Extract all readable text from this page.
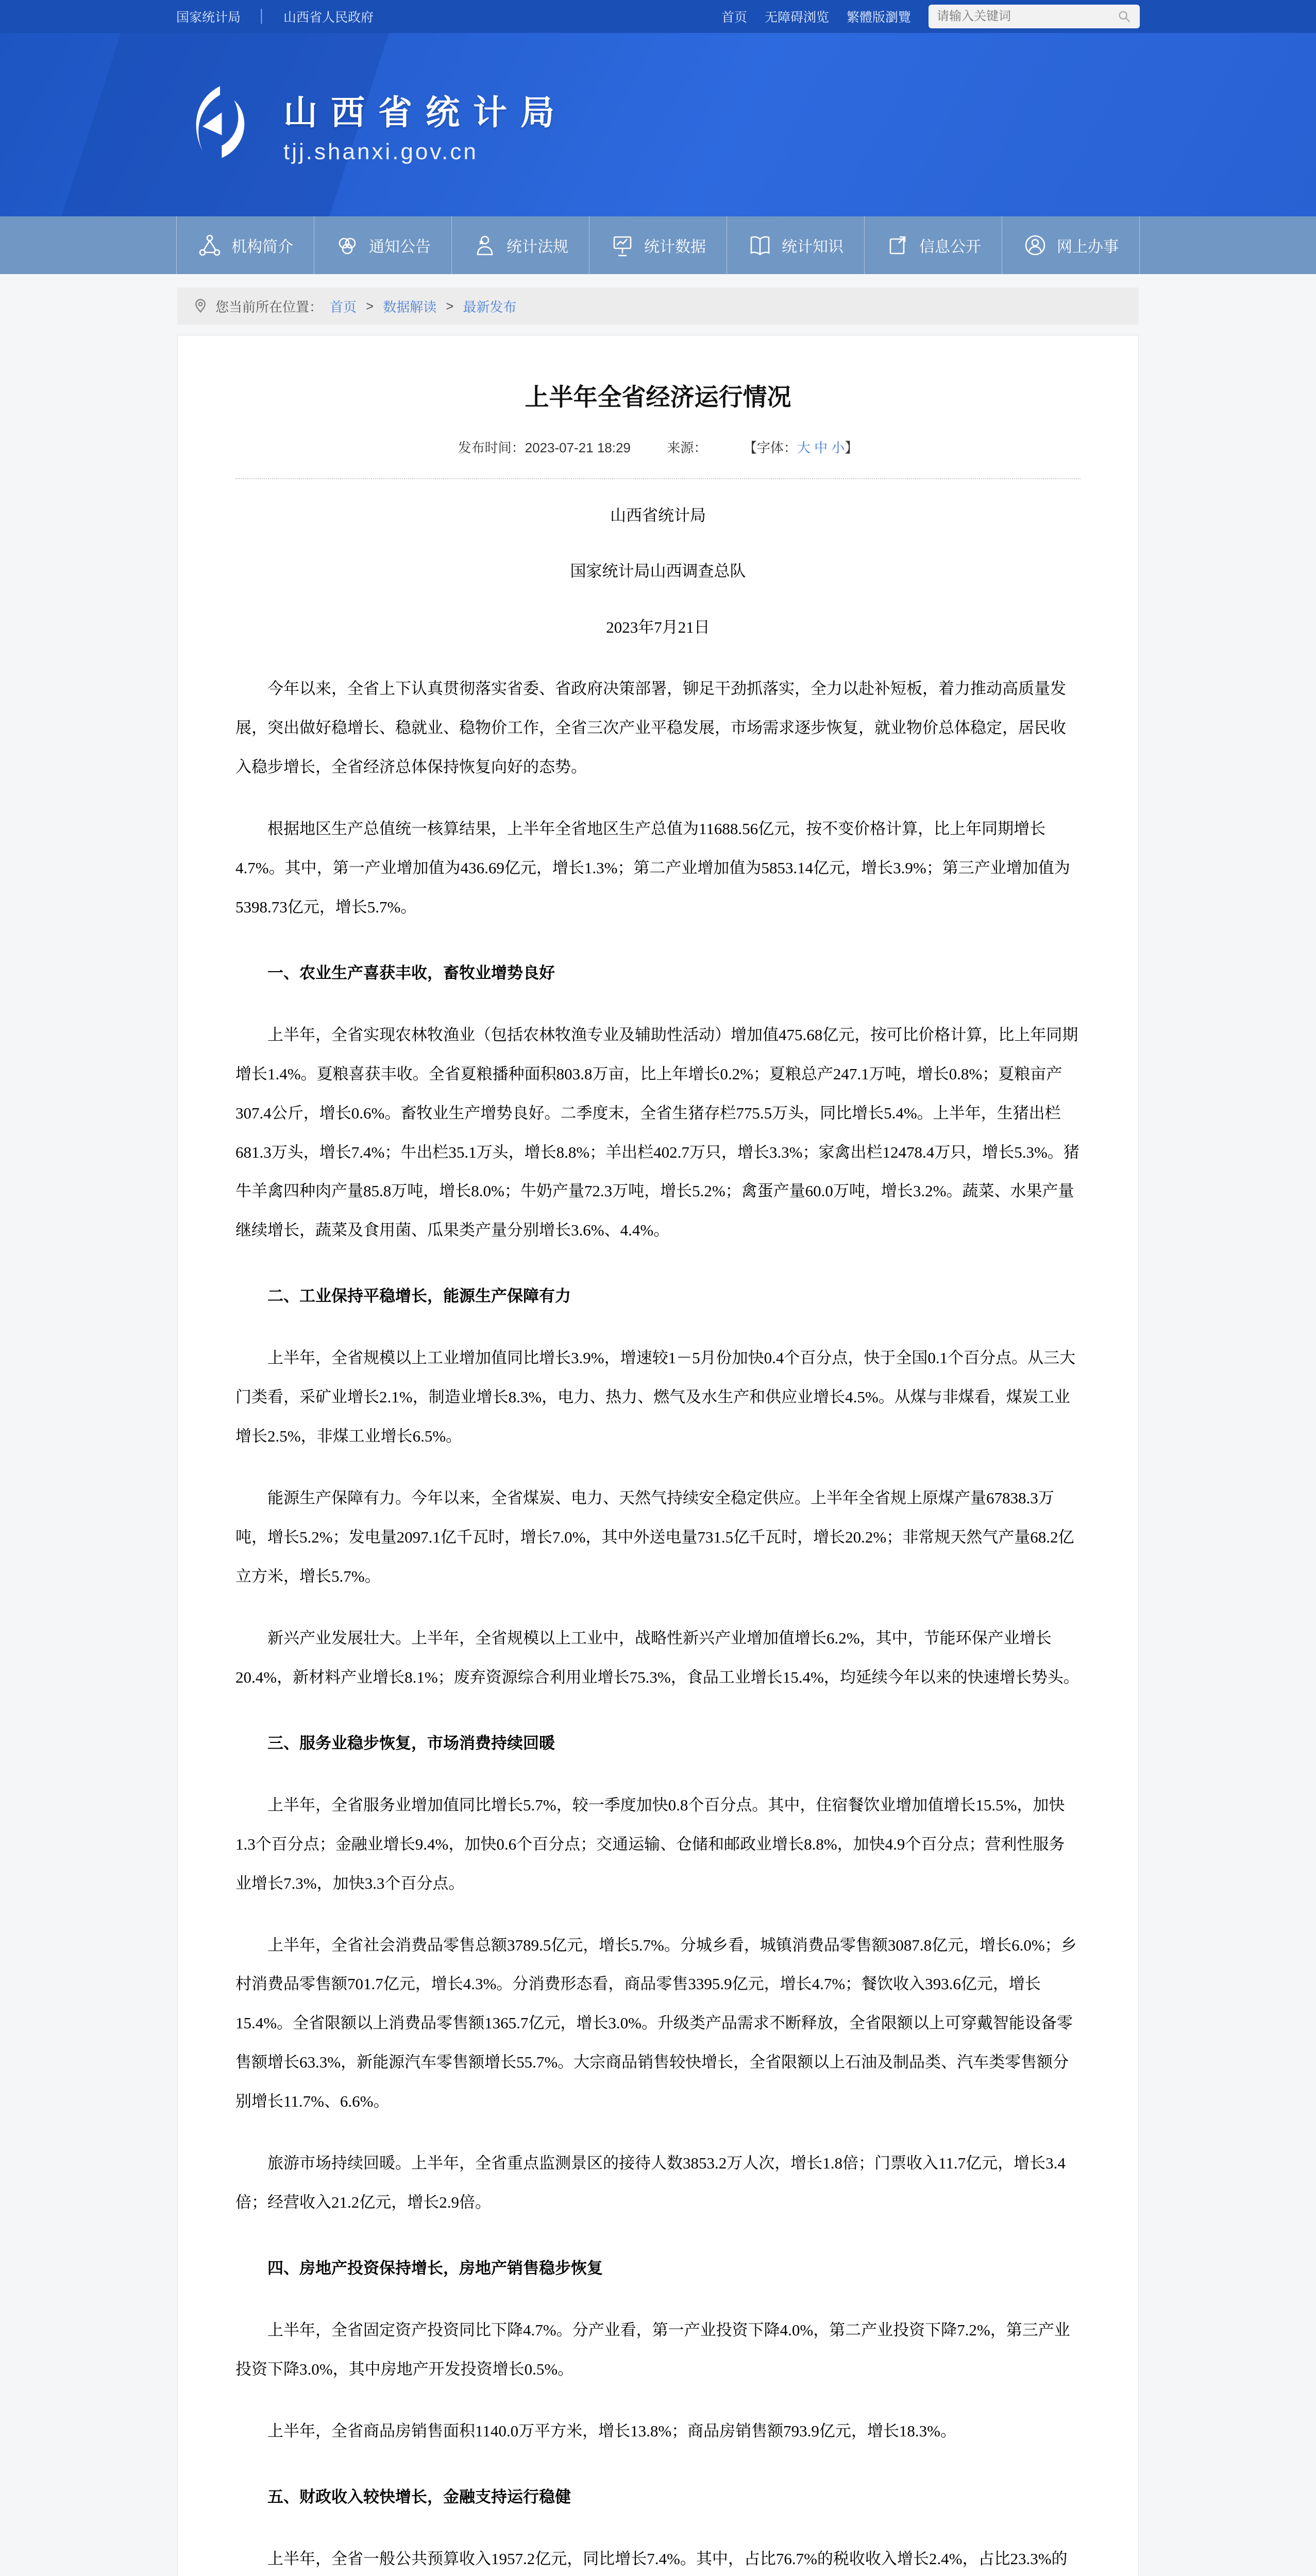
国家统计局 │ 山西省人民政府	首页 无障碍浏览 繁體版瀏覽
请输入关键词
山西省统计局
tjj.shanxi.gov.cn
机构简介	通知公告	统计法规	统计数据	统计知识	信息公开	网上办事
您当前所在位置： 首页 > 数据解读 > 最新发布
上半年全省经济运行情况
发布时间：2023-07-21 18:29	来源：	【字体：大 中 小】

山西省统计局

国家统计局山西调查总队

2023年7月21日

今年以来，全省上下认真贯彻落实省委、省政府决策部署，铆足干劲抓落实，全力以赴补短板，着力推动高质量发展，突出做好稳增长、稳就业、稳物价工作，全省三次产业平稳发展，市场需求逐步恢复，就业物价总体稳定，居民收入稳步增长，全省经济总体保持恢复向好的态势。

根据地区生产总值统一核算结果，上半年全省地区生产总值为11688.56亿元，按不变价格计算，比上年同期增长4.7%。其中，第一产业增加值为436.69亿元，增长1.3%；第二产业增加值为5853.14亿元，增长3.9%；第三产业增加值为5398.73亿元，增长5.7%。

一、农业生产喜获丰收，畜牧业增势良好

上半年，全省实现农林牧渔业（包括农林牧渔专业及辅助性活动）增加值475.68亿元，按可比价格计算，比上年同期增长1.4%。夏粮喜获丰收。全省夏粮播种面积803.8万亩，比上年增长0.2%；夏粮总产247.1万吨，增长0.8%；夏粮亩产307.4公斤，增长0.6%。畜牧业生产增势良好。二季度末，全省生猪存栏775.5万头，同比增长5.4%。上半年，生猪出栏681.3万头，增长7.4%；牛出栏35.1万头，增长8.8%；羊出栏402.7万只，增长3.3%；家禽出栏12478.4万只，增长5.3%。猪牛羊禽四种肉产量85.8万吨，增长8.0%；牛奶产量72.3万吨，增长5.2%；禽蛋产量60.0万吨，增长3.2%。蔬菜、水果产量继续增长，蔬菜及食用菌、瓜果类产量分别增长3.6%、4.4%。

二、工业保持平稳增长，能源生产保障有力

上半年，全省规模以上工业增加值同比增长3.9%，增速较1－5月份加快0.4个百分点，快于全国0.1个百分点。从三大门类看，采矿业增长2.1%，制造业增长8.3%，电力、热力、燃气及水生产和供应业增长4.5%。从煤与非煤看，煤炭工业增长2.5%，非煤工业增长6.5%。

能源生产保障有力。今年以来，全省煤炭、电力、天然气持续安全稳定供应。上半年全省规上原煤产量67838.3万吨，增长5.2%；发电量2097.1亿千瓦时，增长7.0%，其中外送电量731.5亿千瓦时，增长20.2%；非常规天然气产量68.2亿立方米，增长5.7%。

新兴产业发展壮大。上半年，全省规模以上工业中，战略性新兴产业增加值增长6.2%，其中，节能环保产业增长20.4%，新材料产业增长8.1%；废弃资源综合利用业增长75.3%，食品工业增长15.4%，均延续今年以来的快速增长势头。

三、服务业稳步恢复，市场消费持续回暖

上半年，全省服务业增加值同比增长5.7%，较一季度加快0.8个百分点。其中，住宿餐饮业增加值增长15.5%，加快1.3个百分点；金融业增长9.4%，加快0.6个百分点；交通运输、仓储和邮政业增长8.8%，加快4.9个百分点；营利性服务业增长7.3%，加快3.3个百分点。

上半年，全省社会消费品零售总额3789.5亿元，增长5.7%。分城乡看，城镇消费品零售额3087.8亿元，增长6.0%；乡村消费品零售额701.7亿元，增长4.3%。分消费形态看，商品零售3395.9亿元，增长4.7%；餐饮收入393.6亿元，增长15.4%。全省限额以上消费品零售额1365.7亿元，增长3.0%。升级类产品需求不断释放，全省限额以上可穿戴智能设备零售额增长63.3%，新能源汽车零售额增长55.7%。大宗商品销售较快增长，全省限额以上石油及制品类、汽车类零售额分别增长11.7%、6.6%。

旅游市场持续回暖。上半年，全省重点监测景区的接待人数3853.2万人次，增长1.8倍；门票收入11.7亿元，增长3.4倍；经营收入21.2亿元，增长2.9倍。

四、房地产投资保持增长，房地产销售稳步恢复

上半年，全省固定资产投资同比下降4.7%。分产业看，第一产业投资下降4.0%，第二产业投资下降7.2%，第三产业投资下降3.0%，其中房地产开发投资增长0.5%。

上半年，全省商品房销售面积1140.0万平方米，增长13.8%；商品房销售额793.9亿元，增长18.3%。

五、财政收入较快增长，金融支持运行稳健

上半年，全省一般公共预算收入1957.2亿元，同比增长7.4%。其中，占比76.7%的税收收入增长2.4%，占比23.3%的
